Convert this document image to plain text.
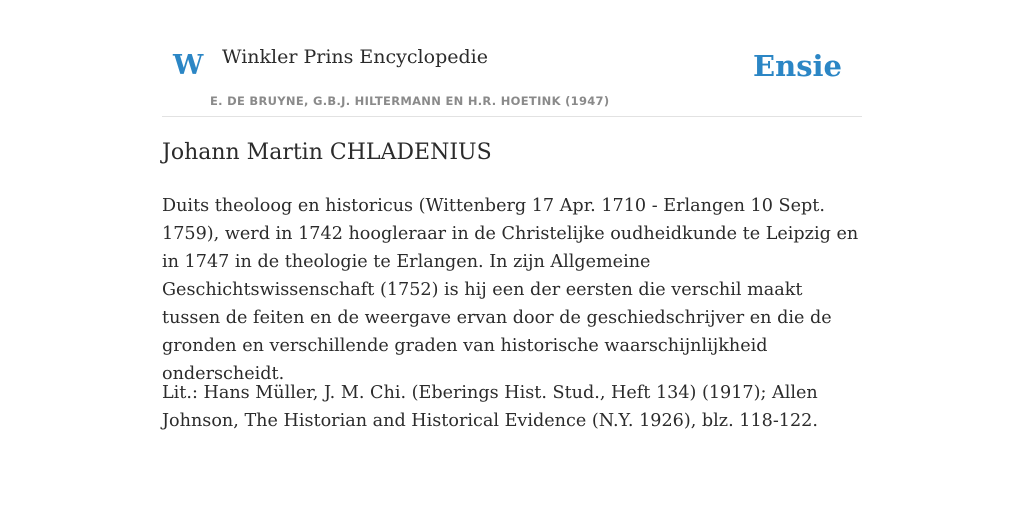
W Winkler Prins Encyclopedie
E. DE BRUYNE, G.B.J. HILTERMANN EN H.R. HOETINK (1947)
Ensie
Johann Martin CHLADENIUS

Duits theoloog en historicus (Wittenberg 17 Apr. 1710 - Erlangen 10 Sept. 1759), werd in 1742 hoogleraar in de Christelijke oudheidkunde te Leipzig en in 1747 in de theologie te Erlangen. In zijn Allgemeine Geschichtswissenschaft (1752) is hij een der eersten die verschil maakt tussen de feiten en de weergave ervan door de geschiedschrijver en die de gronden en verschillende graden van historische waarschijnlijkheid onderscheidt.

Lit.: Hans Müller, J. M. Chi. (Eberings Hist. Stud., Heft 134) (1917); Allen Johnson, The Historian and Historical Evidence (N.Y. 1926), blz. 118-122.
